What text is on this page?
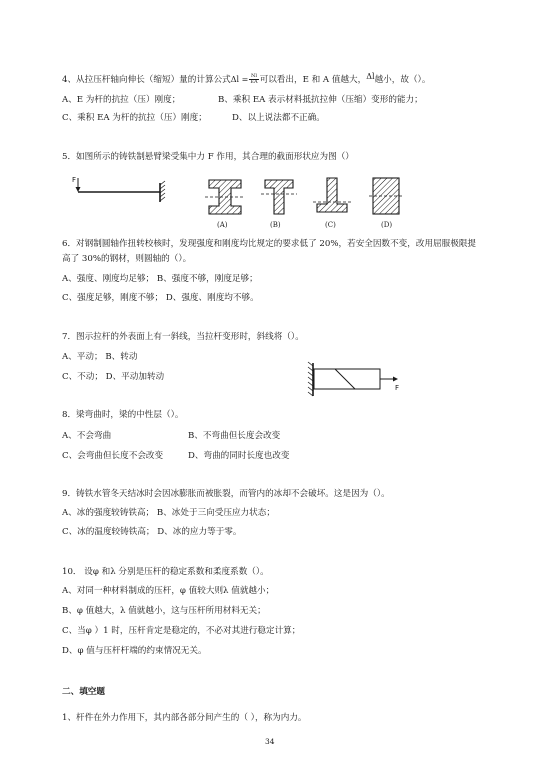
4、从拉压杆轴向伸长（缩短）量的计算公式$\Delta l = \frac{Nl}{EA}$ 可以看出，E 和 A 值越大，Δl越小，故（）。
A、E 为杆的抗拉（压）刚度；	B、乘积 EA 表示材料抵抗拉伸（压缩）变形的能力；
C、乘积 EA 为杆的抗拉（压）刚度；	D、以上说法都不正确。
5．如图所示的铸铁制悬臂梁受集中力 F 作用，其合理的截面形状应为图（）
F
(A)	(B)	(C)	(D)
6．对钢制圆轴作扭转校核时，发现强度和刚度均比规定的要求低了 20%，若安全因数不变，改用屈服极限提
高了 30%的钢材，则圆轴的（）。
A、强度、刚度均足够； B、强度不够，刚度足够；
C、强度足够，刚度不够； D、强度、刚度均不够。
7．图示拉杆的外表面上有一斜线，当拉杆变形时，斜线将（）。
A、平动； B、转动
C、不动； D、平动加转动
F
8．梁弯曲时，梁的中性层（）。
A、不会弯曲	B、不弯曲但长度会改变
C、会弯曲但长度不会改变	D、弯曲的同时长度也改变
9．铸铁水管冬天结冰时会因冰膨胀而被胀裂，而管内的冰却不会破坏。这是因为（）。
A、冰的强度较铸铁高； B、冰处于三向受压应力状态；
C、冰的温度较铸铁高； D、冰的应力等于零。
10． 设φ 和λ 分别是压杆的稳定系数和柔度系数（）。
A、对同一种材料制成的压杆，φ 值较大则λ 值就越小；
B、φ 值越大，λ 值就越小，这与压杆所用材料无关；
C、当φ ）1 时，压杆肯定是稳定的，不必对其进行稳定计算；
D、φ 值与压杆杆端的约束情况无关。
二、填空题
1、杆件在外力作用下，其内部各部分间产生的（ ），称为内力。
34
